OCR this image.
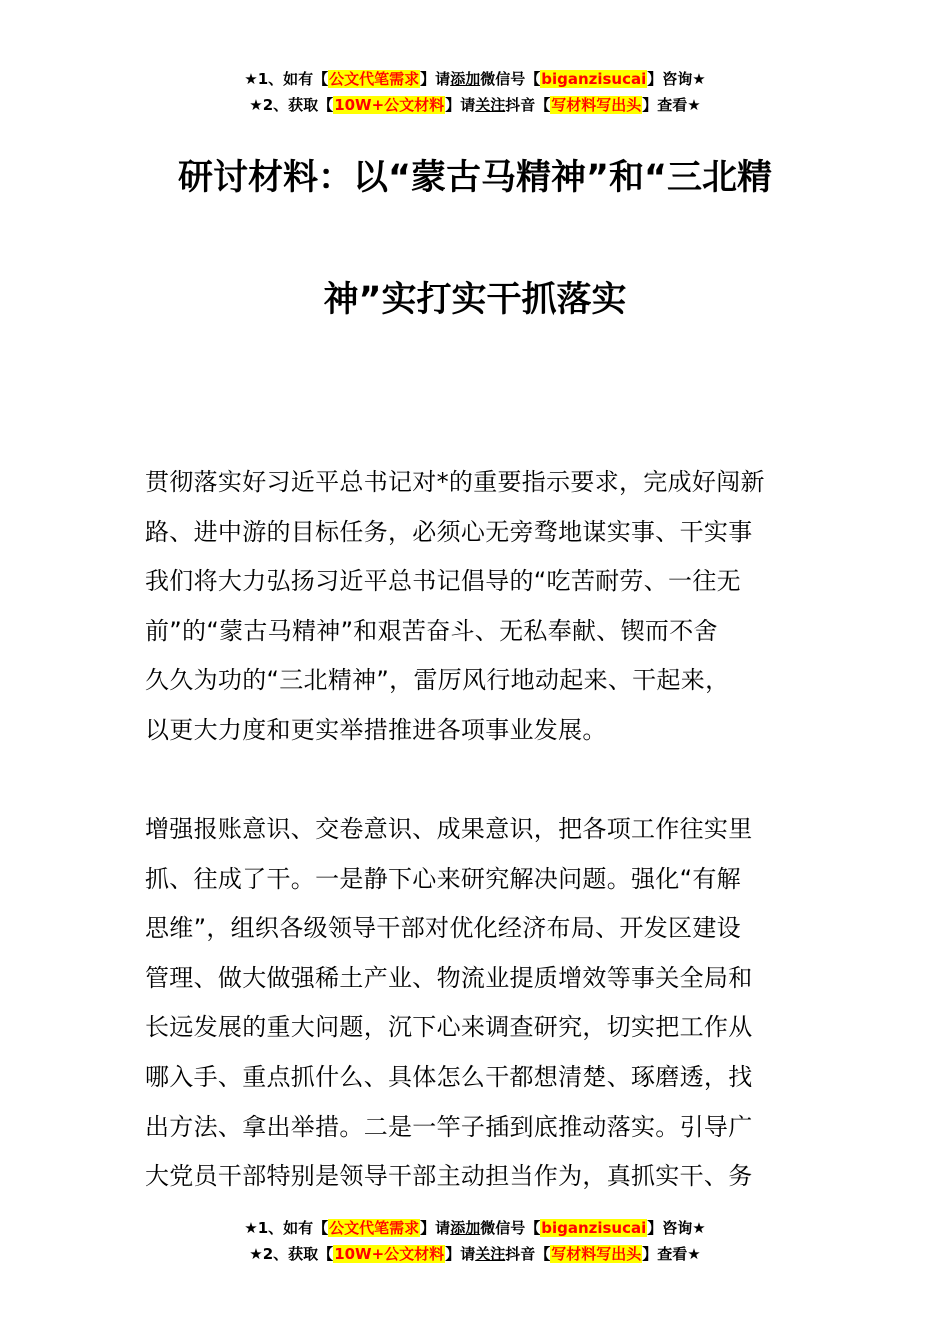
★1、如有【公文代笔需求】请添加微信号【biganzisucai】咨询★
★2、获取【10W+公文材料】请关注抖音【写材料写出头】查看★
研讨材料：以“蒙古马精神”和“三北精
神”实打实干抓落实
贯彻落实好习近平总书记对*的重要指示要求，完成好闯新
路、进中游的目标任务，必须心无旁骛地谋实事、干实事
我们将大力弘扬习近平总书记倡导的“吃苦耐劳、一往无
前”的“蒙古马精神”和艰苦奋斗、无私奉献、锲而不舍
久久为功的“三北精神”，雷厉风行地动起来、干起来，
以更大力度和更实举措推进各项事业发展。
增强报账意识、交卷意识、成果意识，把各项工作往实里
抓、往成了干。一是静下心来研究解决问题。强化“有解
思维”，组织各级领导干部对优化经济布局、开发区建设
管理、做大做强稀土产业、物流业提质增效等事关全局和
长远发展的重大问题，沉下心来调查研究，切实把工作从
哪入手、重点抓什么、具体怎么干都想清楚、琢磨透，找
出方法、拿出举措。二是一竿子插到底推动落实。引导广
大党员干部特别是领导干部主动担当作为，真抓实干、务
★1、如有【公文代笔需求】请添加微信号【biganzisucai】咨询★
★2、获取【10W+公文材料】请关注抖音【写材料写出头】查看★
